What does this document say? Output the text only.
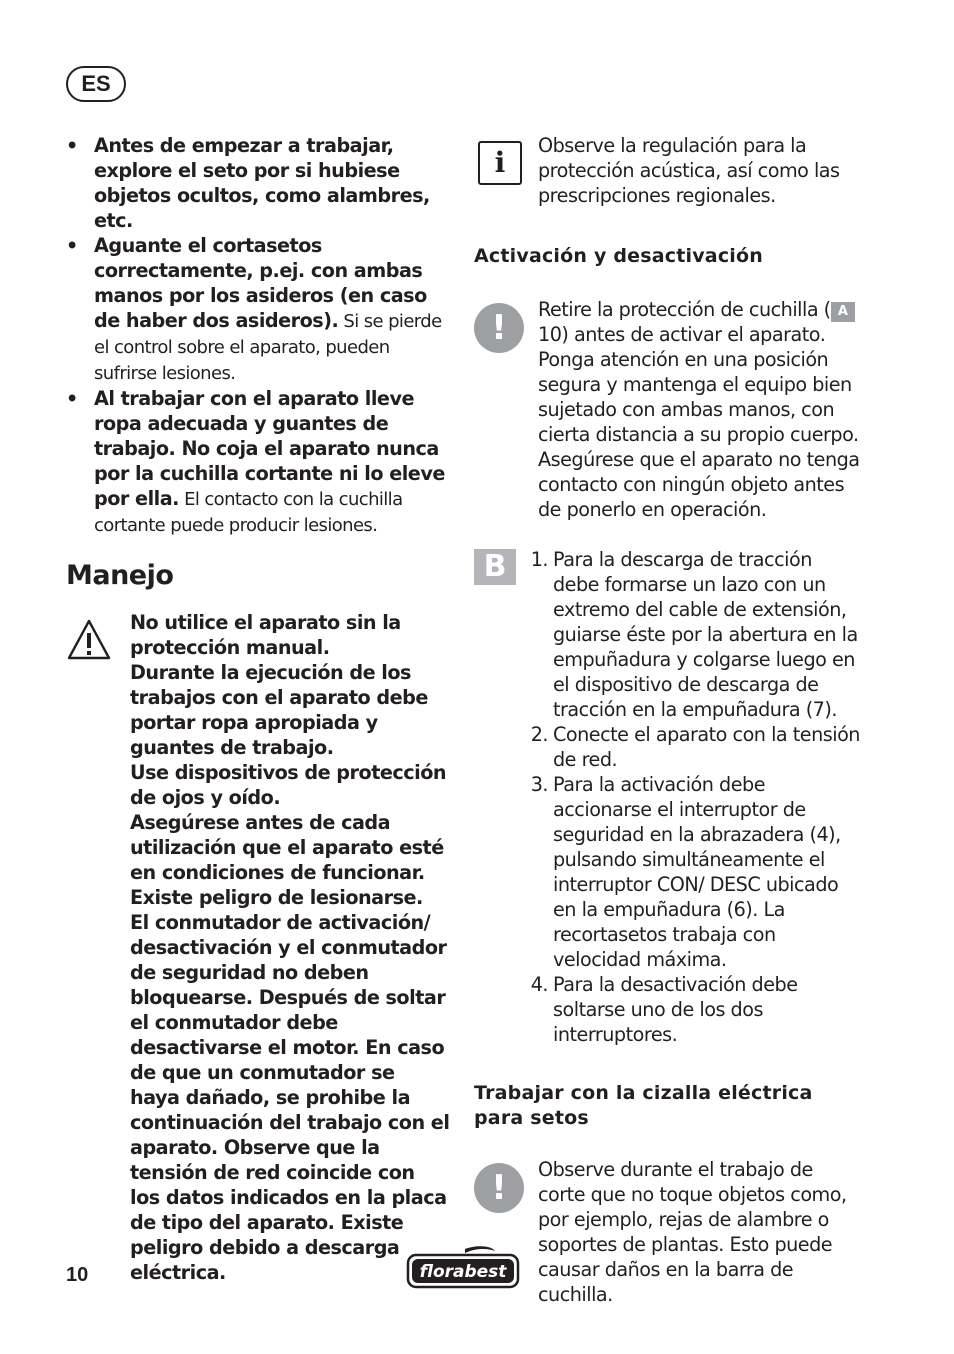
ES
• Antes de empezar a trabajar, explore el seto por si hubiese objetos ocultos, como alambres, etc.
• Aguante el cortasetos correctamente, p.ej. con ambas manos por los asideros (en caso de haber dos asideros). Si se pierde el control sobre el aparato, pueden sufrirse lesiones.
• Al trabajar con el aparato lleve ropa adecuada y guantes de trabajo. No coja el aparato nunca por la cuchilla cortante ni lo eleve por ella. El contacto con la cuchilla cortante puede producir lesiones.
Manejo
No utilice el aparato sin la protección manual.
Durante la ejecución de los trabajos con el aparato debe portar ropa apropiada y guantes de trabajo.
Use dispositivos de protección de ojos y oído.
Asegúrese antes de cada utilización que el aparato esté en condiciones de funcionar. Existe peligro de lesionarse.
El conmutador de activación/ desactivación y el conmutador de seguridad no deben bloquearse. Después de soltar el conmutador debe desactivarse el motor. En caso de que un conmutador se haya dañado, se prohibe la continuación del trabajo con el aparato. Observe que la tensión de red coincide con los datos indicados en la placa de tipo del aparato. Existe peligro debido a descarga eléctrica.
i
Observe la regulación para la protección acústica, así como las prescripciones regionales.
Activación y desactivación
!	Retire la protección de cuchilla ( A 10) antes de activar el aparato. Ponga atención en una posición segura y mantenga el equipo bien sujetado con ambas manos, con cierta distancia a su propio cuerpo. Asegúrese que el aparato no tenga contacto con ningún objeto antes de ponerlo en operación.
B	1. Para la descarga de tracción debe formarse un lazo con un extremo del cable de extensión, guiarse éste por la abertura en la empuñadura y colgarse luego en el dispositivo de descarga de tracción en la empuñadura (7).
2. Conecte el aparato con la tensión de red.
3. Para la activación debe accionarse el interruptor de seguridad en la abrazadera (4), pulsando simultáneamente el interruptor CON/ DESC ubicado en la empuñadura (6). La recortasetos trabaja con velocidad máxima.
4. Para la desactivación debe soltarse uno de los dos interruptores.
Trabajar con la cizalla eléctrica para setos
!	Observe durante el trabajo de corte que no toque objetos como, por ejemplo, rejas de alambre o soportes de plantas. Esto puede causar daños en la barra de cuchilla.
10	florabest
